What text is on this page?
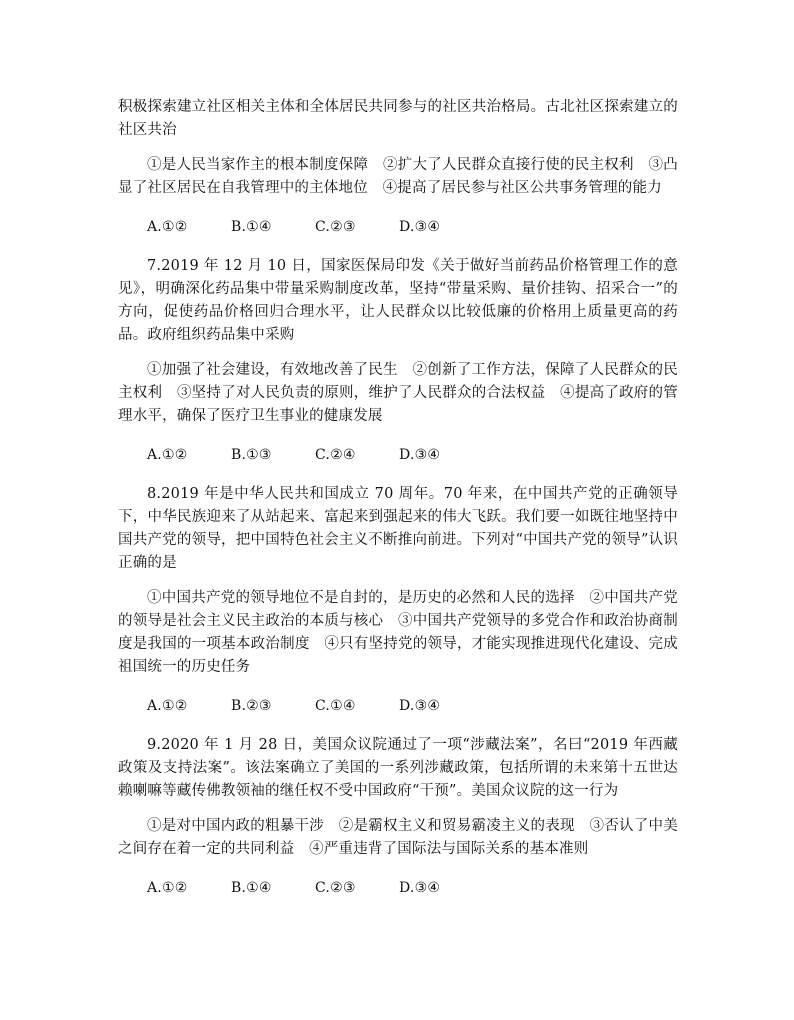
积极探索建立社区相关主体和全体居民共同参与的社区共治格局。古北社区探索建立的社区共治

①是人民当家作主的根本制度保障　②扩大了人民群众直接行使的民主权利　③凸显了社区居民在自我管理中的主体地位　④提高了居民参与社区公共事务管理的能力

A.①②	B.①④	C.②③	D.③④

7.2019 年 12 月 10 日，国家医保局印发《关于做好当前药品价格管理工作的意见》，明确深化药品集中带量采购制度改革，坚持“带量采购、量价挂钩、招采合一”的方向，促使药品价格回归合理水平，让人民群众以比较低廉的价格用上质量更高的药品。政府组织药品集中采购

①加强了社会建设，有效地改善了民生　②创新了工作方法，保障了人民群众的民主权利　③坚持了对人民负责的原则，维护了人民群众的合法权益　④提高了政府的管理水平，确保了医疗卫生事业的健康发展

A.①②	B.①③	C.②④	D.③④

8.2019 年是中华人民共和国成立 70 周年。70 年来，在中国共产党的正确领导下，中华民族迎来了从站起来、富起来到强起来的伟大飞跃。我们要一如既往地坚持中国共产党的领导，把中国特色社会主义不断推向前进。下列对“中国共产党的领导”认识正确的是

①中国共产党的领导地位不是自封的，是历史的必然和人民的选择　②中国共产党的领导是社会主义民主政治的本质与核心　③中国共产党领导的多党合作和政治协商制度是我国的一项基本政治制度　④只有坚持党的领导，才能实现推进现代化建设、完成祖国统一的历史任务

A.①②	B.②③	C.①④	D.③④

9.2020 年 1 月 28 日，美国众议院通过了一项“涉藏法案”，名曰“2019 年西藏政策及支持法案”。该法案确立了美国的一系列涉藏政策，包括所谓的未来第十五世达赖喇嘛等藏传佛教领袖的继任权不受中国政府“干预”。美国众议院的这一行为

①是对中国内政的粗暴干涉　②是霸权主义和贸易霸凌主义的表现　③否认了中美之间存在着一定的共同利益　④严重违背了国际法与国际关系的基本准则

A.①②	B.①④	C.②③	D.③④
